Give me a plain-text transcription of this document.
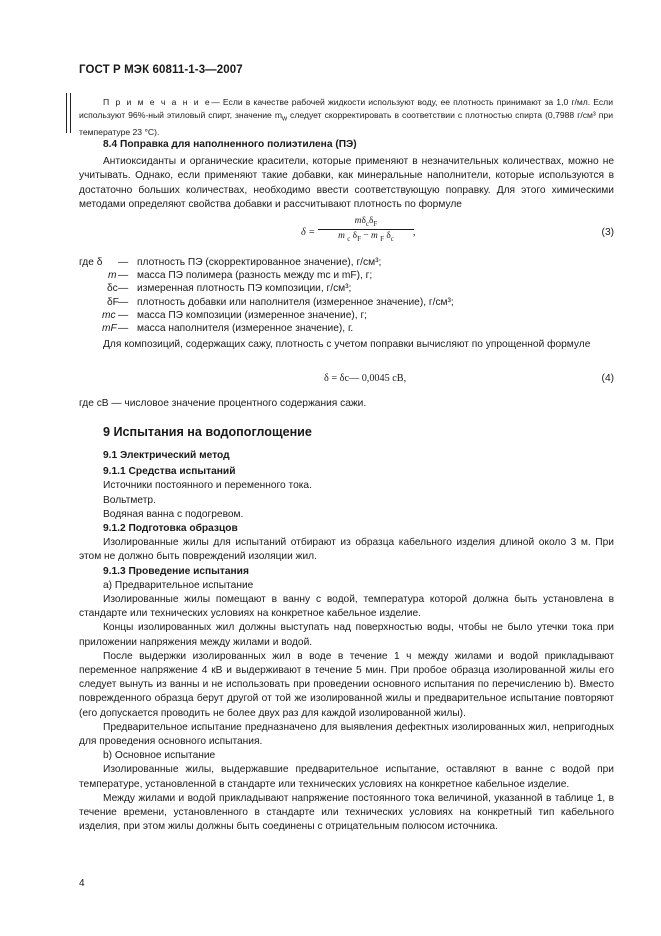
ГОСТ Р МЭК 60811-1-3—2007

П р и м е ч а н и е— Если в качестве рабочей жидкости используют воду, ее плотность принимают за 1,0 г/мл. Если используют 96%-ный этиловый спирт, значение $m_w$ следует скорректировать в соответствии с плотностью спирта (0,7988 г/см³ при температуре 23 °С).

8.4 Поправка для наполненного полиэтилена (ПЭ)

Антиоксиданты и органические красители, которые применяют в незначительных количествах, можно не учитывать. Однако, если применяют такие добавки, как минеральные наполнители, которые используются в достаточно больших количествах, необходимо ввести соответствующую поправку. Для этого химическими методами определяют свойства добавки и рассчитывают плотность по формуле

δ =
$m\delta_c\delta_F$
m $_c$ $\delta_F - m$ $_F$ $\delta_c$
,	(3)
где δ — плотность ПЭ (скорректированное значение), г/см³;
m — масса ПЭ полимера (разность между mc и mF), г;
δc — измеренная плотность ПЭ композиции, г/см³;
δF — плотность добавки или наполнителя (измеренное значение), г/см³;
mc — масса ПЭ композиции (измеренное значение), г;
mF — масса наполнителя (измеренное значение), г.

Для композиций, содержащих сажу, плотность с учетом поправки вычисляют по упрощенной формуле

δ = δс— 0,0045 сВ,	(4)

где сВ — числовое значение процентного содержания сажи.

9 Испытания на водопоглощение

9.1 Электрический метод

9.1.1 Средства испытаний

Источники постоянного и переменного тока.

Вольтметр.

Водяная ванна с подогревом.

9.1.2 Подготовка образцов

Изолированные жилы для испытаний отбирают из образца кабельного изделия длиной около 3 м. При этом не должно быть повреждений изоляции жил.

9.1.3 Проведение испытания

а) Предварительное испытание

Изолированные жилы помещают в ванну с водой, температура которой должна быть установлена в стандарте или технических условиях на конкретное кабельное изделие.

Концы изолированных жил должны выступать над поверхностью воды, чтобы не было утечки тока при приложении напряжения между жилами и водой.

После выдержки изолированных жил в воде в течение 1 ч между жилами и водой прикладывают переменное напряжение 4 кВ и выдерживают в течение 5 мин. При пробое образца изолированной жилы его следует вынуть из ванны и не использовать при проведении основного испытания по перечислению b). Вместо поврежденного образца берут другой от той же изолированной жилы и предварительное испытание повторяют (его допускается проводить не более двух раз для каждой изолированной жилы).

Предварительное испытание предназначено для выявления дефектных изолированных жил, непригодных для проведения основного испытания.

b) Основное испытание

Изолированные жилы, выдержавшие предварительное испытание, оставляют в ванне с водой при температуре, установленной в стандарте или технических условиях на конкретное кабельное изделие.

Между жилами и водой прикладывают напряжение постоянного тока величиной, указанной в таблице 1, в течение времени, установленного в стандарте или технических условиях на конкретный тип кабельного изделия, при этом жилы должны быть соединены с отрицательным полюсом источника.

4
